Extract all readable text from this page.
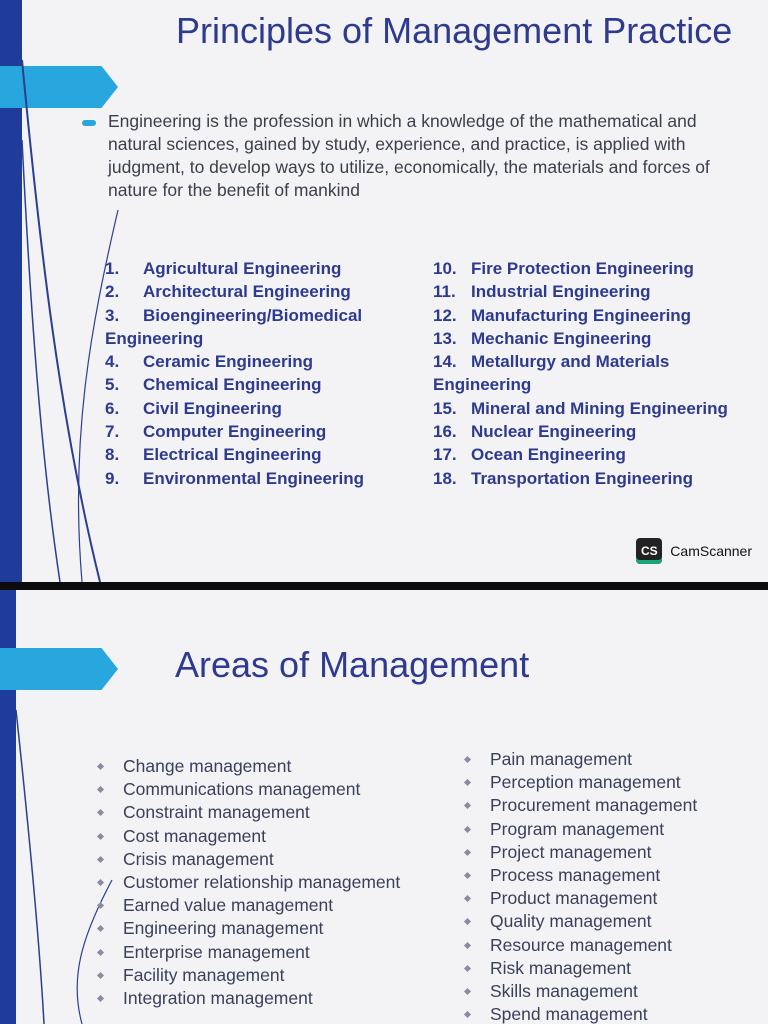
Principles of Management Practice

Engineering is the profession in which a knowledge of the mathematical and natural sciences, gained by study, experience, and practice, is applied with judgment, to develop ways to utilize, economically, the materials and forces of nature for the benefit of mankind

1. Agricultural Engineering
2. Architectural Engineering
3. Bioengineering/Biomedical Engineering
4. Ceramic Engineering
5. Chemical Engineering
6. Civil Engineering
7. Computer Engineering
8. Electrical Engineering
9. Environmental Engineering
10. Fire Protection Engineering
11. Industrial Engineering
12. Manufacturing Engineering
13. Mechanic Engineering
14. Metallurgy and Materials Engineering
15. Mineral and Mining Engineering
16. Nuclear Engineering
17. Ocean Engineering
18. Transportation Engineering
CS CamScanner
Areas of Management
Change management
Communications management
Constraint management
Cost management
Crisis management
Customer relationship management
Earned value management
Engineering management
Enterprise management
Facility management
Integration management
Pain management
Perception management
Procurement management
Program management
Project management
Process management
Product management
Quality management
Resource management
Risk management
Skills management
Spend management
